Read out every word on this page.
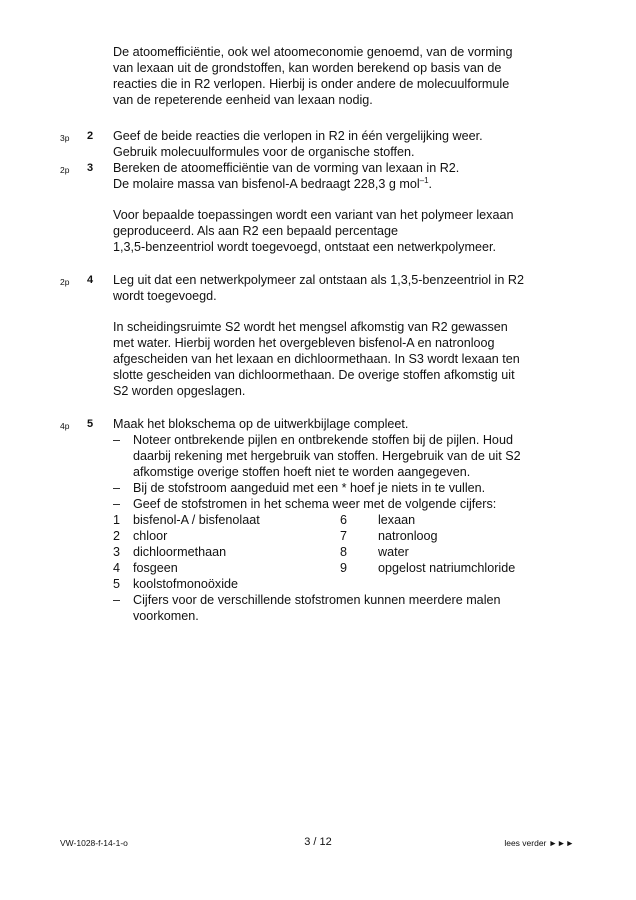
De atoomefficiëntie, ook wel atoomeconomie genoemd, van de vorming

van lexaan uit de grondstoffen, kan worden berekend op basis van de

reacties die in R2 verlopen. Hierbij is onder andere de molecuulformule

van de repeterende eenheid van lexaan nodig.

3p 2 Geef de beide reacties die verlopen in R2 in één vergelijking weer.

Gebruik molecuulformules voor de organische stoffen.

2p 3 Bereken de atoomefficiëntie van de vorming van lexaan in R2.

De molaire massa van bisfenol-A bedraagt 228,3 g mol$^{-1}$.

Voor bepaalde toepassingen wordt een variant van het polymeer lexaan

geproduceerd. Als aan R2 een bepaald percentage

1,3,5-benzeentriol wordt toegevoegd, ontstaat een netwerkpolymeer.

2p 4 Leg uit dat een netwerkpolymeer zal ontstaan als 1,3,5-benzeentriol in R2

wordt toegevoegd.

In scheidingsruimte S2 wordt het mengsel afkomstig van R2 gewassen

met water. Hierbij worden het overgebleven bisfenol-A en natronloog

afgescheiden van het lexaan en dichloormethaan. In S3 wordt lexaan ten

slotte gescheiden van dichloormethaan. De overige stoffen afkomstig uit

S2 worden opgeslagen.

4p 5 Maak het blokschema op de uitwerkbijlage compleet.

– Noteer ontbrekende pijlen en ontbrekende stoffen bij de pijlen. Houd

daarbij rekening met hergebruik van stoffen. Hergebruik van de uit S2

afkomstige overige stoffen hoeft niet te worden aangegeven.

– Bij de stofstroom aangeduid met een * hoef je niets in te vullen.

– Geef de stofstromen in het schema weer met de volgende cijfers:

1	bisfenol-A / bisfenolaat	6	lexaan
2	chloor	7	natronloog
3	dichloormethaan	8	water
4	fosgeen	9	opgelost natriumchloride
5	koolstofmonoöxide
– Cijfers voor de verschillende stofstromen kunnen meerdere malen

voorkomen.

VW-1028-f-14-1-o	3 / 12	lees verder ►►►
